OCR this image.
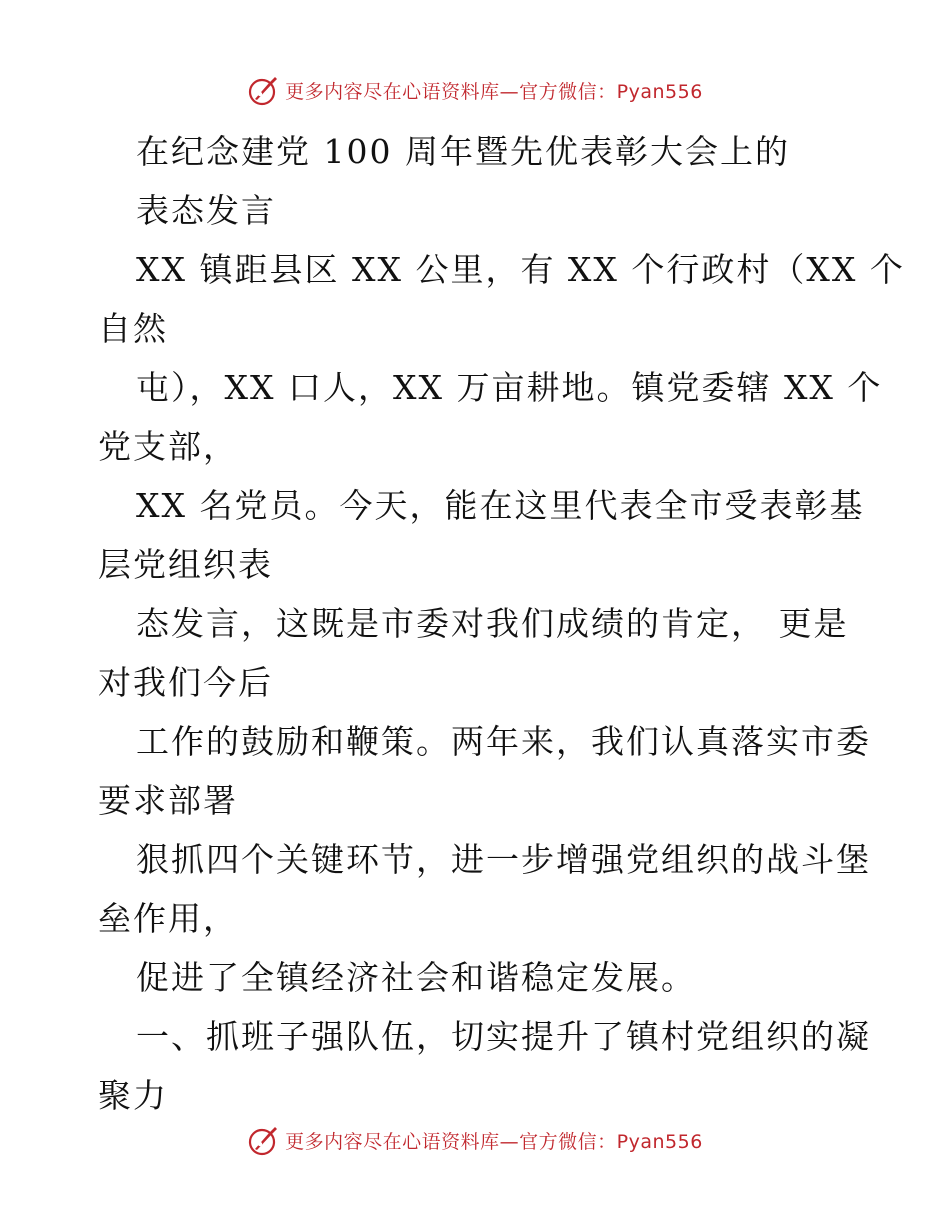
更多内容尽在心语资料库—官方微信：Pyan556
在纪念建党 100 周年暨先优表彰大会上的
表态发言
XX 镇距县区 XX 公里，有 XX 个行政村（XX 个
自然
屯），XX 口人，XX 万亩耕地。镇党委辖 XX 个
党支部，
XX 名党员。今天，能在这里代表全市受表彰基
层党组织表
态发言，这既是市委对我们成绩的肯定， 更是
对我们今后
工作的鼓励和鞭策。两年来，我们认真落实市委
要求部署
狠抓四个关键环节，进一步增强党组织的战斗堡
垒作用，
促进了全镇经济社会和谐稳定发展。
一、抓班子强队伍，切实提升了镇村党组织的凝
聚力
更多内容尽在心语资料库—官方微信：Pyan556
